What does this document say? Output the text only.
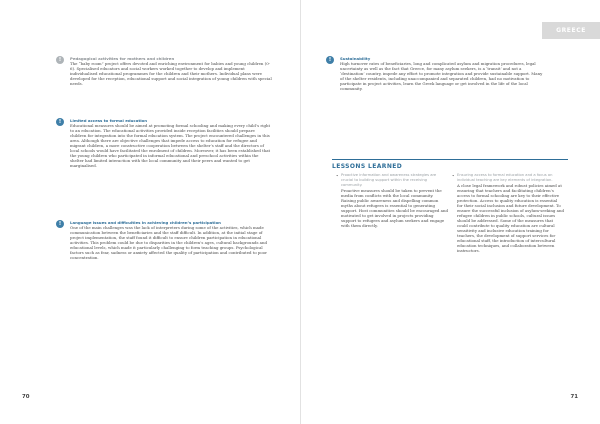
!	Pedagogical activities for mothers and children
The “baby room” project offers devoted and enriching environment for babies and young children (0-6). Specialised educators and social workers worked together to develop and implement individualised educational programmes for the children and their mothers. Individual plans were developed for the reception, educational support and social integration of young children with special needs.
!	Limited access to formal education
Educational measures should be aimed at promoting formal schooling and making every child’s right to an education. The educational activities provided inside reception facilities should prepare children for integration into the formal education system. The project encountered challenges in this area. Although there are objective challenges that impede access to education for refugee and migrant children, a more constructive cooperation between the shelter’s staff and the directors of local schools would have facilitated the enrolment of children. Moreover, it has been established that the young children who participated in informal educational and preschool activities within the shelter had limited interaction with the local community and their peers and wanted to get marginalised.
!	Language issues and difficulties in achieving children’s participation
One of the main challenges was the lack of interpreters during some of the activities, which made communication between the beneficiaries and the staff difficult. In addition, at the initial stage of project implementation, the staff found it difficult to ensure children participation in educational activities. This problem could be due to disparities in the children’s ages, cultural backgrounds and educational levels, which made it particularly challenging to form teaching groups. Psychological factors such as fear, sadness or anxiety affected the quality of participation and contributed to poor concentration.
70
GREECE
71
!	Sustainability
High turnover rates of beneficiaries, long and complicated asylum and migration procedures, legal uncertainty as well as the fact that Greece, for many asylum seekers, is a ‘transit’ and not a ‘destination’ country, impede any effort to promote integration and provide sustainable support. Many of the shelter residents, including unaccompanied and separated children, had no motivation to participate in project activities, learn the Greek language or get involved in the life of the local community.
LESSONS LEARNED
• Proactive information and awareness strategies are crucial to building support within the receiving community.
Proactive measures should be taken to prevent the media from conflicts with the local community. Raising public awareness and dispelling common myths about refugees is essential to generating support. Host communities should be encouraged and motivated to get involved in projects providing support to refugees and asylum seekers and engage with them directly.
• Ensuring access to formal education and a focus on individual teaching are key elements of integration.
A close legal framework and robust policies aimed at ensuring that teachers and facilitating children’s access to formal schooling are key to their effective protection. Access to quality education is essential for their social inclusion and future development. To ensure the successful inclusion of asylum-seeking and refugee children in public schools, cultural issues should be addressed. Some of the measures that could contribute to quality education are cultural sensitivity and inclusive education training for teachers, the development of support services for educational staff, the introduction of intercultural education techniques, and collaboration between instructors.
